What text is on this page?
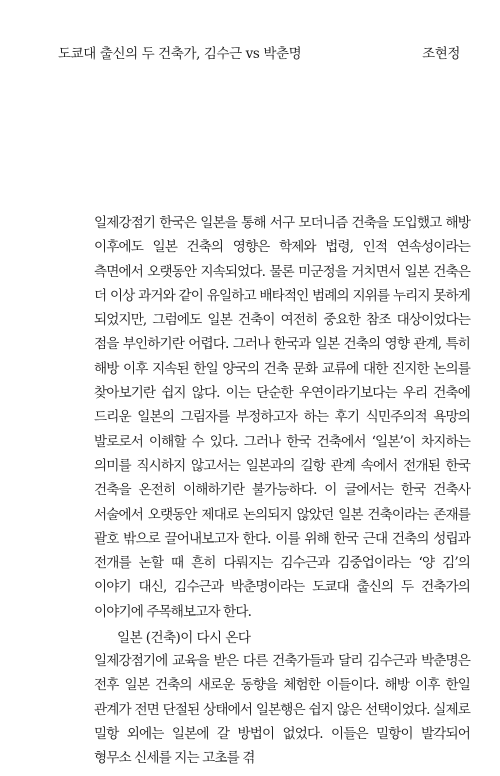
도쿄대 출신의 두 건축가, 김수근 vs 박춘명	조현정

일제강점기 한국은 일본을 통해 서구 모더니즘 건축을 도입했고 해방 이후에도 일본 건축의 영향은 학제와 법령, 인적 연속성이라는 측면에서 오랫동안 지속되었다. 물론 미군정을 거치면서 일본 건축은 더 이상 과거와 같이 유일하고 배타적인 범례의 지위를 누리지 못하게 되었지만, 그럼에도 일본 건축이 여전히 중요한 참조 대상이었다는 점을 부인하기란 어렵다. 그러나 한국과 일본 건축의 영향 관계, 특히 해방 이후 지속된 한일 양국의 건축 문화 교류에 대한 진지한 논의를 찾아보기란 쉽지 않다. 이는 단순한 우연이라기보다는 우리 건축에 드리운 일본의 그림자를 부정하고자 하는 후기 식민주의적 욕망의 발로로서 이해할 수 있다. 그러나 한국 건축에서 ‘일본’이 차지하는 의미를 직시하지 않고서는 일본과의 길항 관계 속에서 전개된 한국 건축을 온전히 이해하기란 불가능하다. 이 글에서는 한국 건축사 서술에서 오랫동안 제대로 논의되지 않았던 일본 건축이라는 존재를 괄호 밖으로 끌어내보고자 한다. 이를 위해 한국 근대 건축의 성립과 전개를 논할 때 흔히 다뤄지는 김수근과 김중업이라는 ‘양 김’의 이야기 대신, 김수근과 박춘명이라는 도쿄대 출신의 두 건축가의 이야기에 주목해보고자 한다.

일본 (건축)이 다시 온다

일제강점기에 교육을 받은 다른 건축가들과 달리 김수근과 박춘명은 전후 일본 건축의 새로운 동향을 체험한 이들이다. 해방 이후 한일 관계가 전면 단절된 상태에서 일본행은 쉽지 않은 선택이었다. 실제로 밀항 외에는 일본에 갈 방법이 없었다. 이들은 밀항이 발각되어 형무소 신세를 지는 고초를 겪
